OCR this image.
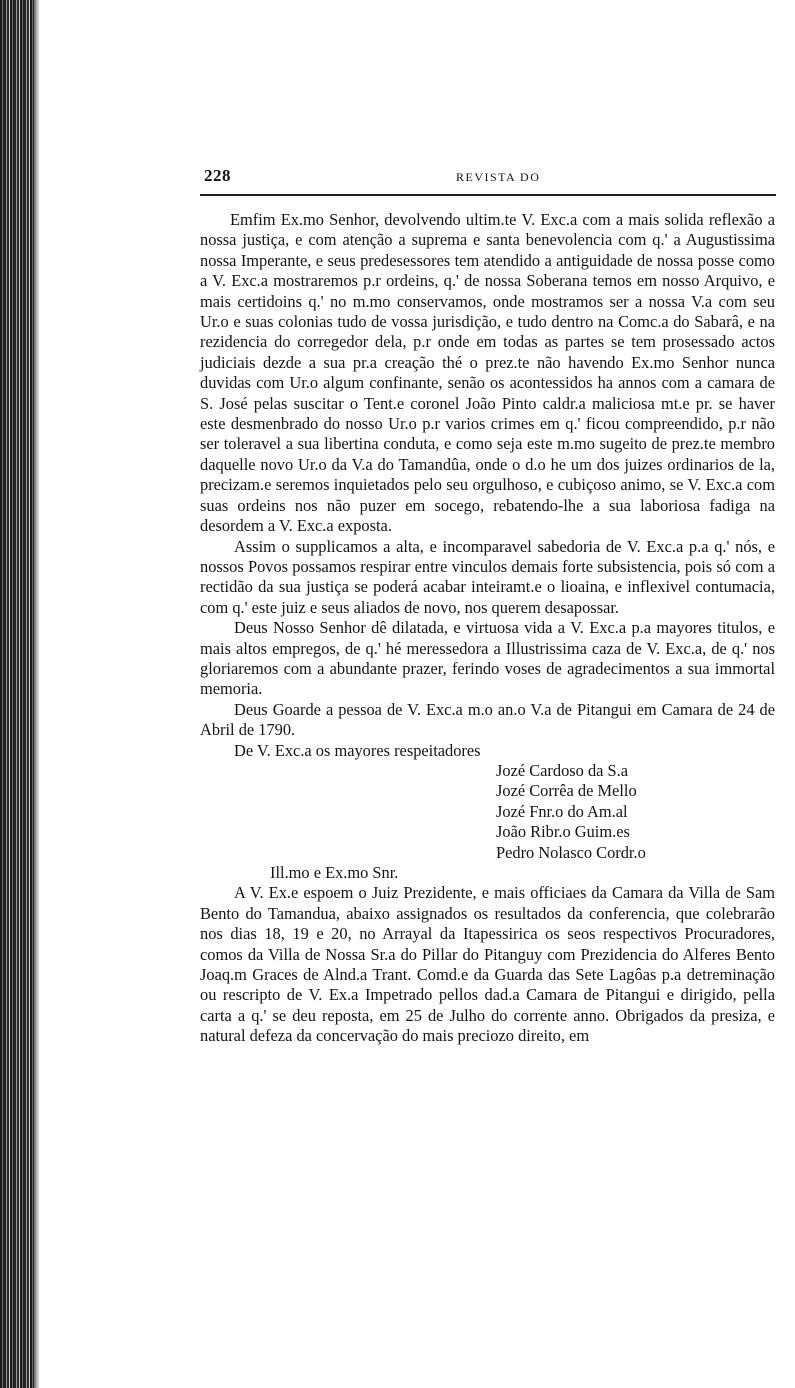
228	REVISTA DO

Emfim Ex.mo Senhor, devolvendo ultim.te V. Exc.a com a mais solida reflexão a nossa justiça, e com atenção a suprema e santa benevolencia com q.' a Augustissima nossa Imperante, e seus predesessores tem atendido a antiguidade de nossa posse como a V. Exc.a mostraremos p.r ordeins, q.' de nossa Soberana temos em nosso Arquivo, e mais certidoins q.' no m.mo conservamos, onde mostramos ser a nossa V.a com seu Ur.o e suas colonias tudo de vossa jurisdição, e tudo dentro na Comc.a do Sabarâ, e na rezidencia do corregedor dela, p.r onde em todas as partes se tem prosessado actos judiciais dezde a sua pr.a creação thé o prez.te não havendo Ex.mo Senhor nunca duvidas com Ur.o algum confinante, senão os acontessidos ha annos com a camara de S. José pelas suscitar o Tent.e coronel João Pinto caldr.a maliciosa mt.e pr. se haver este desmenbrado do nosso Ur.o p.r varios crimes em q.' ficou compreendido, p.r não ser toleravel a sua libertina conduta, e como seja este m.mo sugeito de prez.te membro daquelle novo Ur.o da V.a do Tamandûa, onde o d.o he um dos juizes ordinarios de la, precizam.e seremos inquietados pelo seu orgulhoso, e cubiçoso animo, se V. Exc.a com suas ordeins nos não puzer em socego, rebatendo-lhe a sua laboriosa fadiga na desordem a V. Exc.a exposta.

Assim o supplicamos a alta, e incomparavel sabedoria de V. Exc.a p.a q.' nós, e nossos Povos possamos respirar entre vinculos demais forte subsistencia, pois só com a rectidão da sua justiça se poderá acabar inteiramt.e o lioaina, e inflexivel contumacia, com q.' este juiz e seus aliados de novo, nos querem desapossar.

Deus Nosso Senhor dê dilatada, e virtuosa vida a V. Exc.a p.a mayores titulos, e mais altos empregos, de q.' hé meressedora a Illustrissima caza de V. Exc.a, de q.' nos gloriaremos com a abundante prazer, ferindo voses de agradecimentos a sua immortal memoria.

Deus Goarde a pessoa de V. Exc.a m.o an.o V.a de Pitangui em Camara de 24 de Abril de 1790.

De V. Exc.a os mayores respeitadores

Jozé Cardoso da S.a
Jozé Corrêa de Mello
Jozé Fnr.o do Am.al
João Ribr.o Guim.es
Pedro Nolasco Cordr.o

Ill.mo e Ex.mo Snr.

A V. Ex.e espoem o Juiz Prezidente, e mais officiaes da Camara da Villa de Sam Bento do Tamandua, abaixo assignados os resultados da conferencia, que colebrarão nos dias 18, 19 e 20, no Arrayal da Itapessirica os seos respectivos Procuradores, comos da Villa de Nossa Sr.a do Pillar do Pitanguy com Prezidencia do Alferes Bento Joaq.m Graces de Alnd.a Trant. Comd.e da Guarda das Sete Lagôas p.a detreminação ou rescripto de V. Ex.a Impetrado pellos dad.a Camara de Pitangui e dirigido, pella carta a q.' se deu reposta, em 25 de Julho do corrente anno. Obrigados da presiza, e natural defeza da concervação do mais preciozo direito, em
